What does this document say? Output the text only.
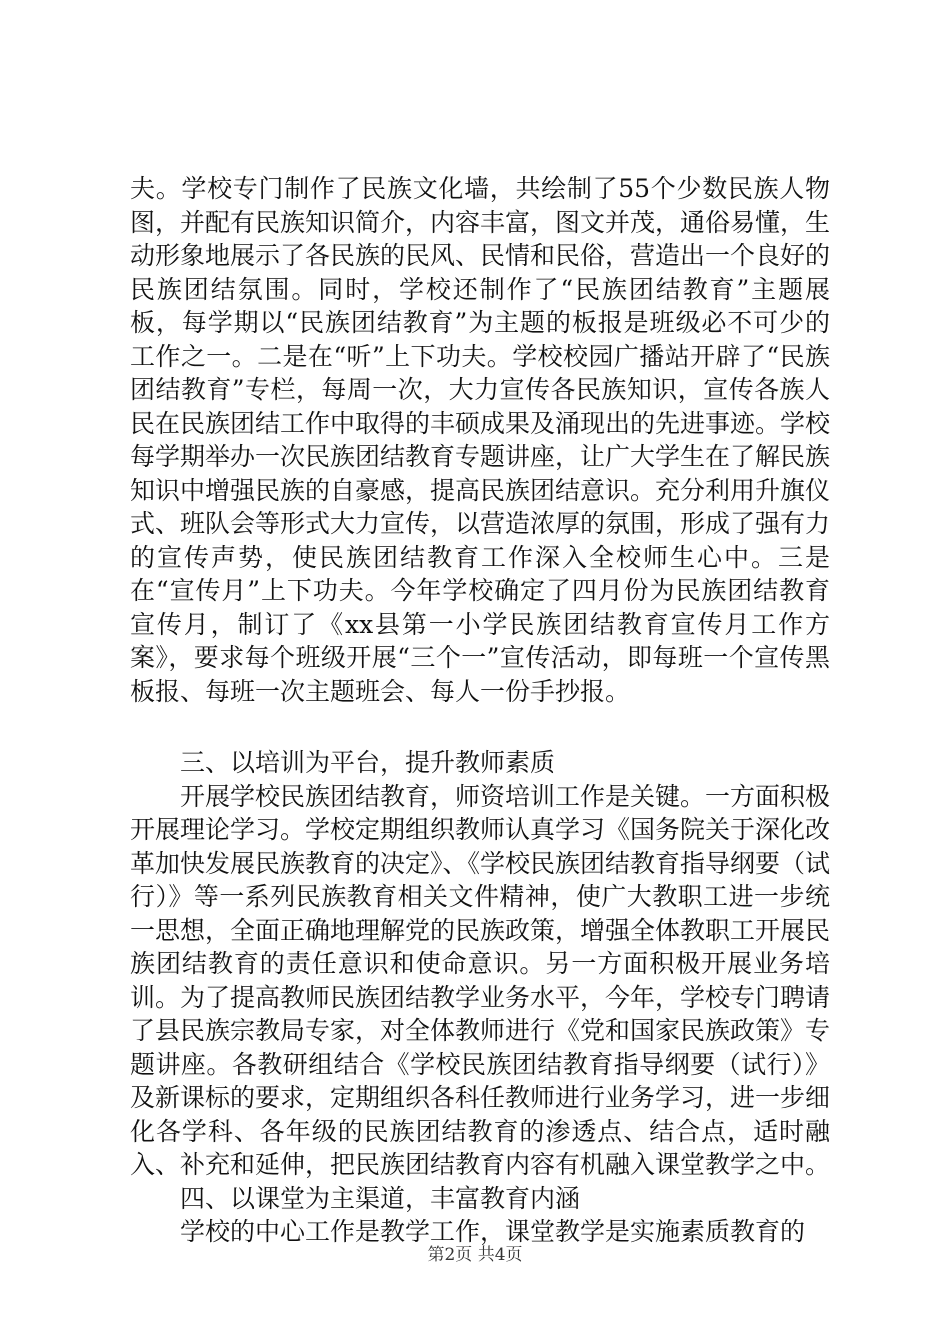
夫。学校专门制作了民族文化墙，共绘制了55个少数民族人物图，并配有民族知识简介，内容丰富，图文并茂，通俗易懂，生动形象地展示了各民族的民风、民情和民俗，营造出一个良好的民族团结氛围。同时，学校还制作了“民族团结教育”主题展板，每学期以“民族团结教育”为主题的板报是班级必不可少的工作之一。二是在“听”上下功夫。学校校园广播站开辟了“民族团结教育”专栏，每周一次，大力宣传各民族知识，宣传各族人民在民族团结工作中取得的丰硕成果及涌现出的先进事迹。学校每学期举办一次民族团结教育专题讲座，让广大学生在了解民族知识中增强民族的自豪感，提高民族团结意识。充分利用升旗仪式、班队会等形式大力宣传，以营造浓厚的氛围，形成了强有力的宣传声势，使民族团结教育工作深入全校师生心中。三是在“宣传月”上下功夫。今年学校确定了四月份为民族团结教育宣传月，制订了《xx县第一小学民族团结教育宣传月工作方案》，要求每个班级开展“三个一”宣传活动，即每班一个宣传黑板报、每班一次主题班会、每人一份手抄报。

三、以培训为平台，提升教师素质

开展学校民族团结教育，师资培训工作是关键。一方面积极开展理论学习。学校定期组织教师认真学习《国务院关于深化改革加快发展民族教育的决定》、《学校民族团结教育指导纲要（试行）》等一系列民族教育相关文件精神，使广大教职工进一步统一思想，全面正确地理解党的民族政策，增强全体教职工开展民族团结教育的责任意识和使命意识。另一方面积极开展业务培训。为了提高教师民族团结教学业务水平，今年，学校专门聘请了县民族宗教局专家，对全体教师进行《党和国家民族政策》专题讲座。各教研组结合《学校民族团结教育指导纲要（试行）》及新课标的要求，定期组织各科任教师进行业务学习，进一步细化各学科、各年级的民族团结教育的渗透点、结合点，适时融入、补充和延伸，把民族团结教育内容有机融入课堂教学之中。

四、以课堂为主渠道，丰富教育内涵

学校的中心工作是教学工作，课堂教学是实施素质教育的

第2页 共4页
